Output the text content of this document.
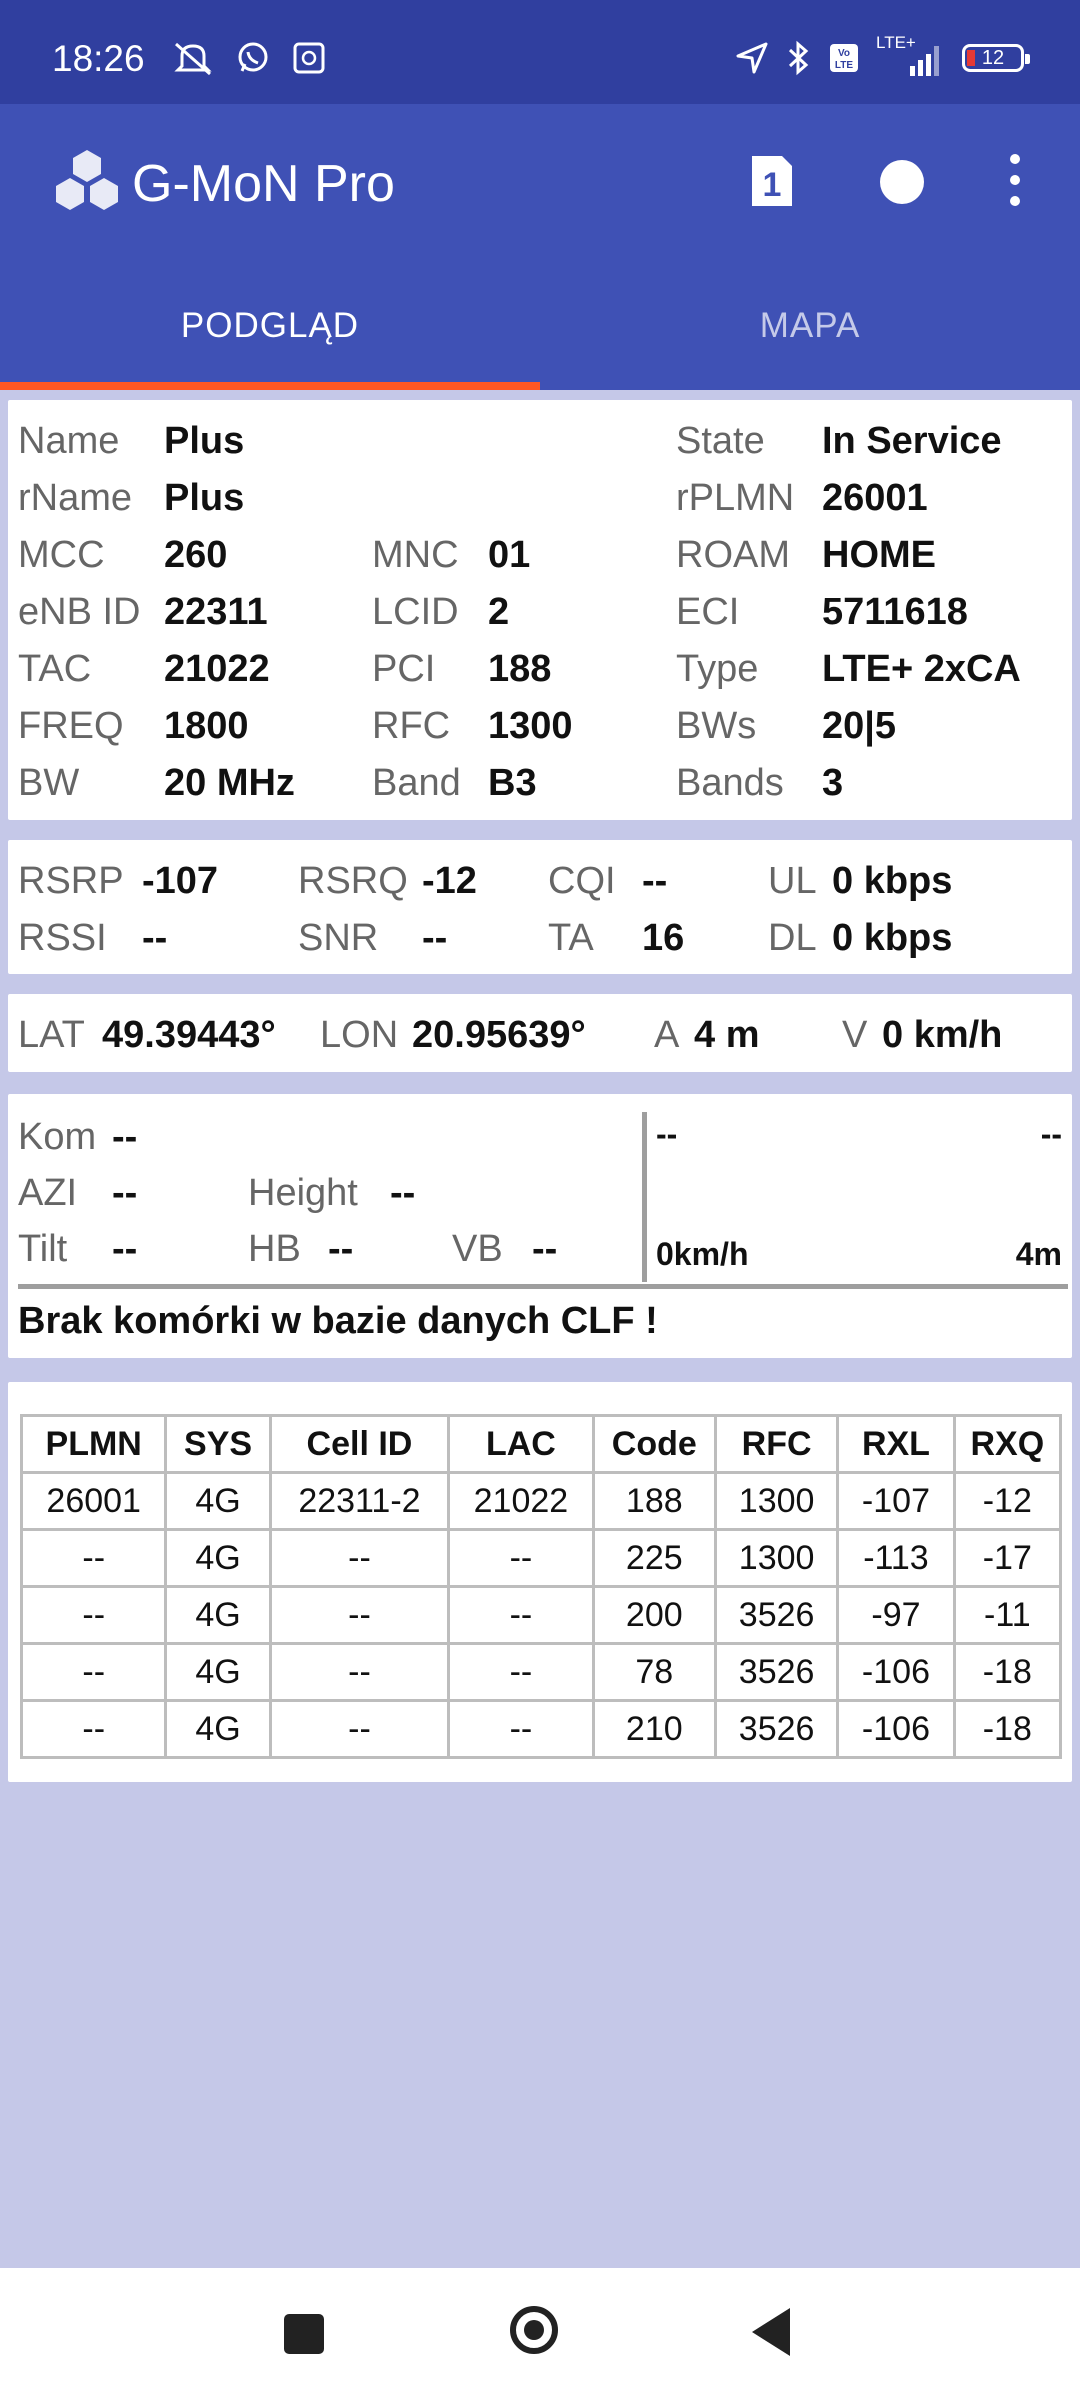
18:26	Vo
LTE
LTE+
12
G-MoN Pro	1
PODGLĄD	MAPA
Name Plus	State In Service
rName Plus	rPLMN 26001
MCC 260	MNC 01	ROAM HOME
eNB ID 22311	LCID 2	ECI 5711618
TAC 21022	PCI 188	Type LTE+ 2xCA
FREQ 1800	RFC 1300	BWs 20|5
BW 20 MHz Band B3	Bands 3
RSRP -107 RSRQ -12 CQI --	UL 0 kbps
RSSI --	SNR --	TA 16 DL 0 kbps
LAT 49.39443° LON 20.95639° A 4 m V 0 km/h
Kom --
AZI --	Height --
Tilt --	HB --	VB --
--	--
0km/h	4m
Brak komórki w bazie danych CLF !
PLMN	SYS	Cell ID	LAC	Code	RFC	RXL	RXQ
26001	4G	22311-2	21022	188	1300	-107	-12
--	4G	--	--	225	1300	-113	-17
--	4G	--	--	200	3526	-97	-11
--	4G	--	--	78	3526	-106	-18
--	4G	--	--	210	3526	-106	-18
